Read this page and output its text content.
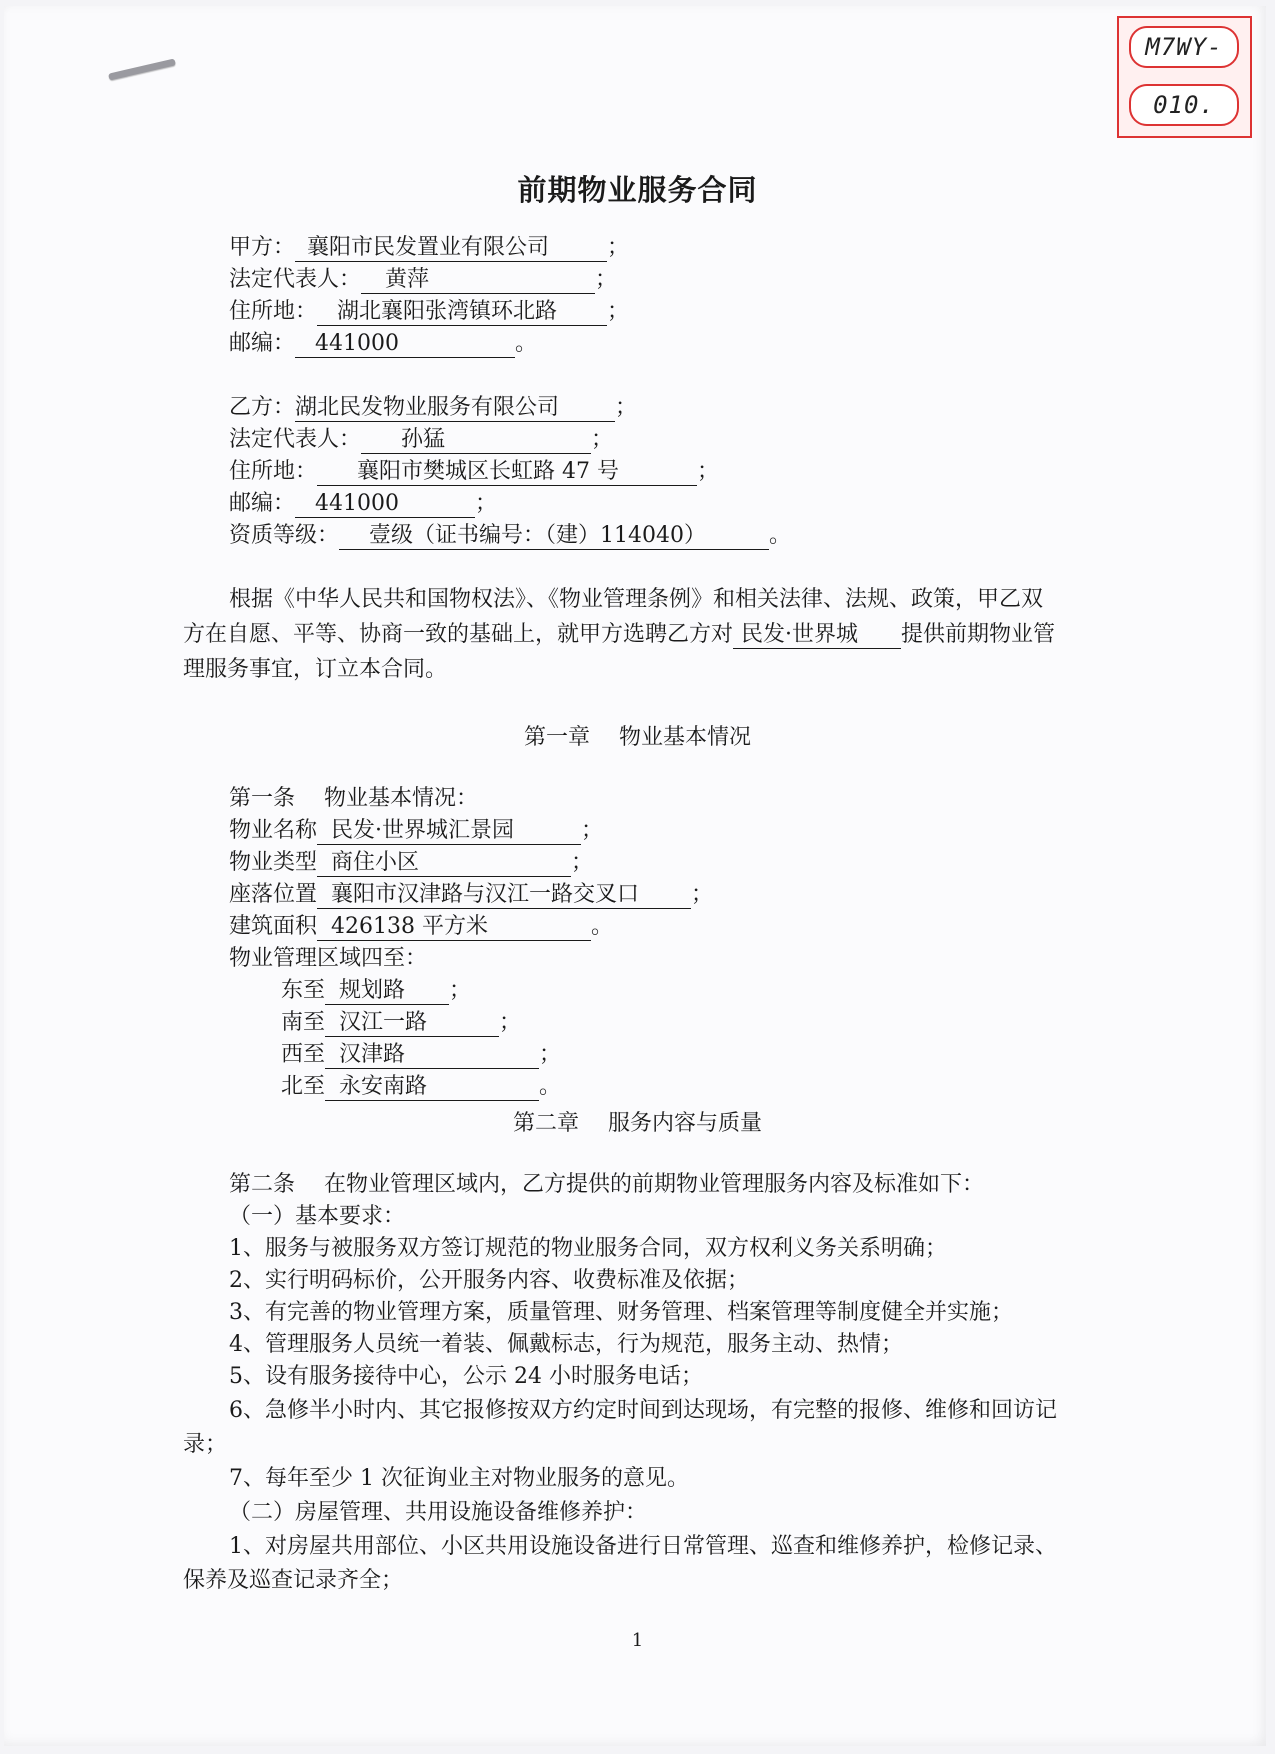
M7WY-
010.
前期物业服务合同
甲方： 襄阳市民发置业有限公司	；
法定代表人： 黄萍	；
住所地： 湖北襄阳张湾镇环北路 ；
邮编： 441000	。
乙方：湖北民发物业服务有限公司	；
法定代表人： 孙猛	；
住所地： 襄阳市樊城区长虹路 47 号	；
邮编： 441000	；
资质等级： 壹级（证书编号：（建）114040）	。
根据《中华人民共和国物权法》、《物业管理条例》和相关法律、法规、政策，甲乙双
方在自愿、平等、协商一致的基础上，就甲方选聘乙方对 民发·世界城 提供前期物业管
理服务事宜，订立本合同。
第一章　 物业基本情况
第一条　 物业基本情况：
物业名称 民发·世界城汇景园	；
物业类型 商住小区	；
座落位置 襄阳市汉津路与汉江一路交叉口 ；
建筑面积 426138 平方米	。
物业管理区域四至：
东至 规划路 ；
南至 汉江一路	；
西至 汉津路	；
北至 永安南路	。
第二章　 服务内容与质量
第二条　 在物业管理区域内，乙方提供的前期物业管理服务内容及标准如下：
（一）基本要求：
1、服务与被服务双方签订规范的物业服务合同，双方权利义务关系明确；
2、实行明码标价，公开服务内容、收费标准及依据；
3、有完善的物业管理方案，质量管理、财务管理、档案管理等制度健全并实施；
4、管理服务人员统一着装、佩戴标志，行为规范，服务主动、热情；
5、设有服务接待中心，公示 24 小时服务电话；
6、急修半小时内、其它报修按双方约定时间到达现场，有完整的报修、维修和回访记
录；
7、每年至少 1 次征询业主对物业服务的意见。
（二）房屋管理、共用设施设备维修养护：
1、对房屋共用部位、小区共用设施设备进行日常管理、巡查和维修养护，检修记录、
保养及巡查记录齐全；
1
